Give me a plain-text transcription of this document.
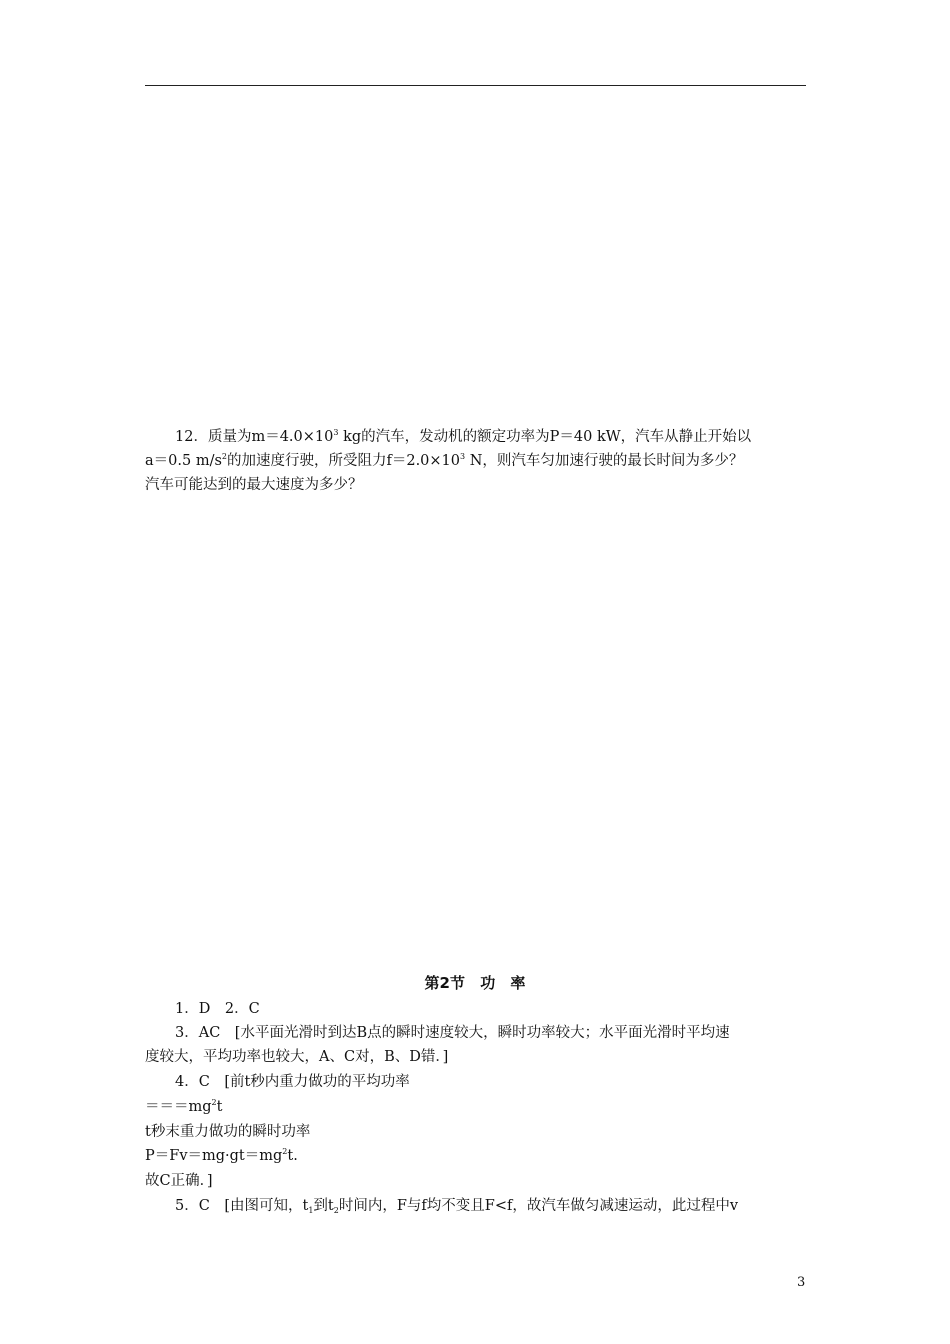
12．质量为$m=4.0\times 10^3$ kg的汽车，发动机的额定功率为P＝40 kW，汽车从静止开始以
a＝0.5 $m/s^2$的加速度行驶，所受阻力$f=2.0\times 10^3$ N，则汽车匀加速行驶的最长时间为多少？
汽车可能达到的最大速度为多少？
第2节 功 率
1．D　2．C
3．AC　[水平面光滑时到达B点的瞬时速度较大，瞬时功率较大；水平面光滑时平均速
度较大，平均功率也较大，A、C对，B、D错．]
4．C　[前t秒内重力做功的平均功率
$===mg^2t$
t秒末重力做功的瞬时功率
$P=Fv=mg\cdot gt=mg^2t$.
故C正确．]
5．C　[由图可知，$t_1$到$t_2$时间内，F与f均不变且F<f，故汽车做匀减速运动，此过程中v
3
